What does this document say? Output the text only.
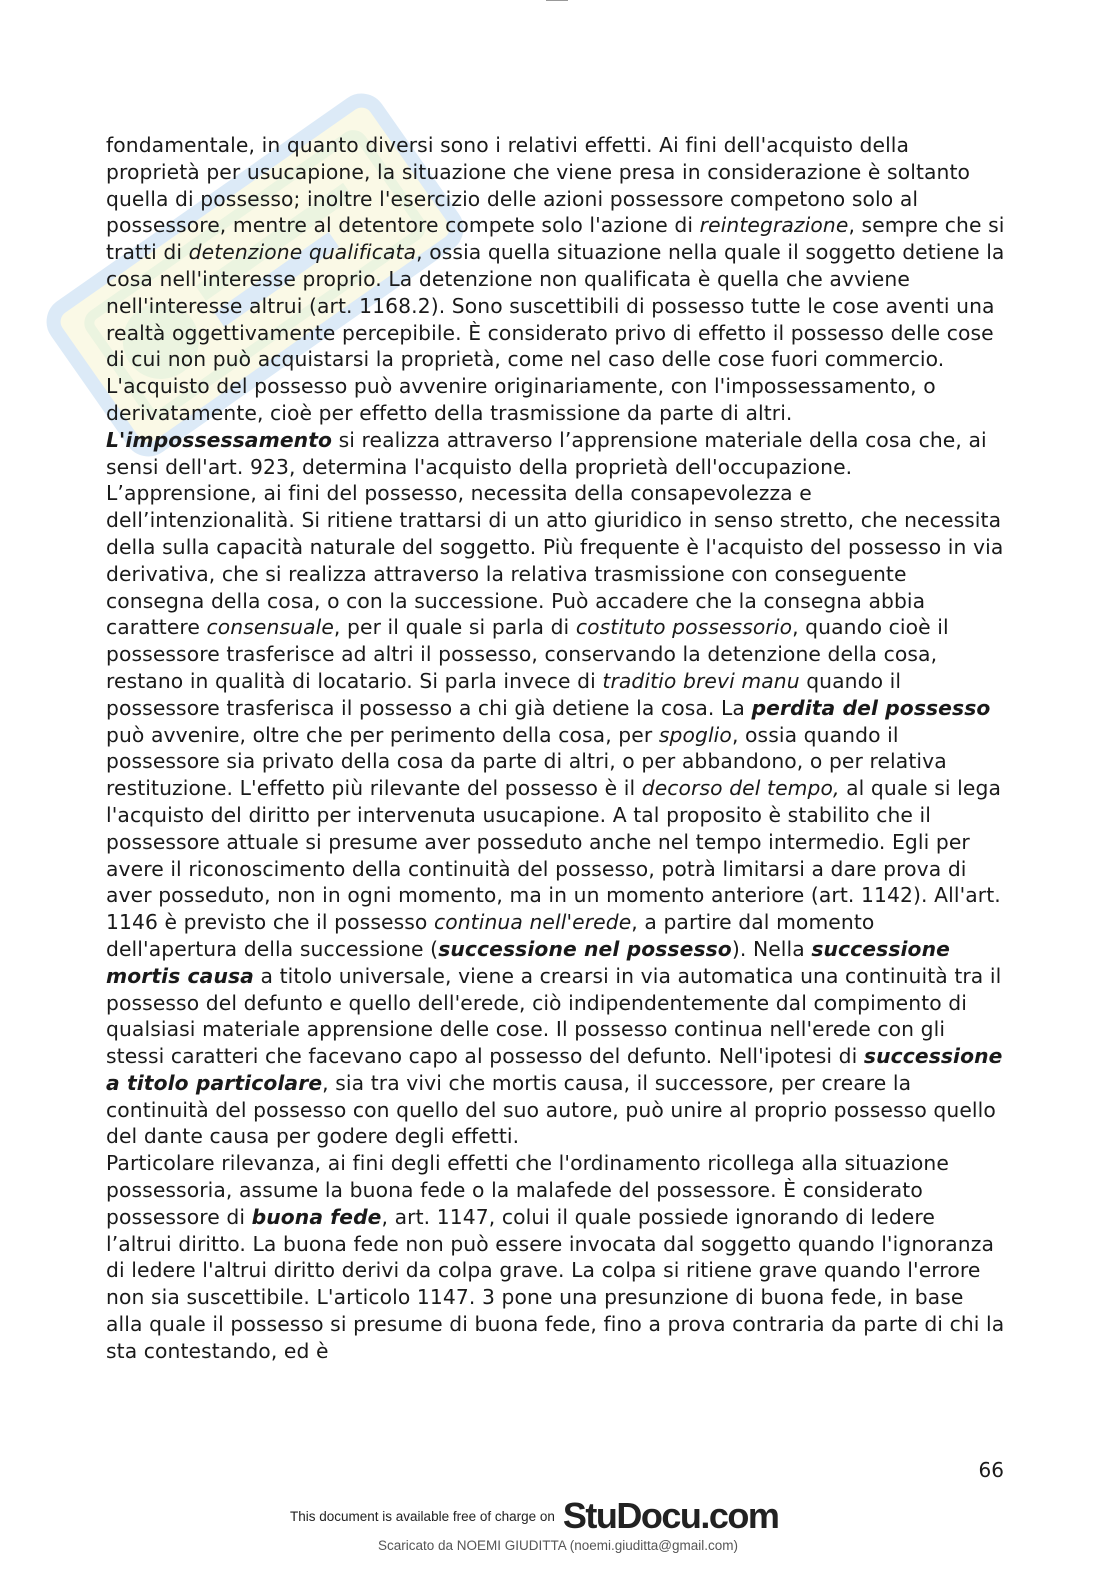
fondamentale, in quanto diversi sono i relativi effetti. Ai fini dell'acquisto della proprietà per usucapione, la situazione che viene presa in considerazione è soltanto quella di possesso; inoltre l'esercizio delle azioni possessore competono solo al possessore, mentre al detentore compete solo l'azione di reintegrazione, sempre che si tratti di detenzione qualificata, ossia quella situazione nella quale il soggetto detiene la cosa nell'interesse proprio. La detenzione non qualificata è quella che avviene nell'interesse altrui (art. 1168.2). Sono suscettibili di possesso tutte le cose aventi una realtà oggettivamente percepibile. È considerato privo di effetto il possesso delle cose di cui non può acquistarsi la proprietà, come nel caso delle cose fuori commercio. L'acquisto del possesso può avvenire originariamente, con l'impossessamento, o derivatamente, cioè per effetto della trasmissione da parte di altri. L'impossessamento si realizza attraverso l’apprensione materiale della cosa che, ai sensi dell'art. 923, determina l'acquisto della proprietà dell'occupazione. L’apprensione, ai fini del possesso, necessita della consapevolezza e dell’intenzionalità. Si ritiene trattarsi di un atto giuridico in senso stretto, che necessita della sulla capacità naturale del soggetto. Più frequente è l'acquisto del possesso in via derivativa, che si realizza attraverso la relativa trasmissione con conseguente consegna della cosa, o con la successione. Può accadere che la consegna abbia carattere consensuale, per il quale si parla di costituto possessorio, quando cioè il possessore trasferisce ad altri il possesso, conservando la detenzione della cosa, restano in qualità di locatario. Si parla invece di traditio brevi manu quando il possessore trasferisca il possesso a chi già detiene la cosa. La perdita del possesso può avvenire, oltre che per perimento della cosa, per spoglio, ossia quando il possessore sia privato della cosa da parte di altri, o per abbandono, o per relativa restituzione. L'effetto più rilevante del possesso è il decorso del tempo, al quale si lega l'acquisto del diritto per intervenuta usucapione. A tal proposito è stabilito che il possessore attuale si presume aver posseduto anche nel tempo intermedio. Egli per avere il riconoscimento della continuità del possesso, potrà limitarsi a dare prova di aver posseduto, non in ogni momento, ma in un momento anteriore (art. 1142). All'art. 1146 è previsto che il possesso continua nell'erede, a partire dal momento dell'apertura della successione (successione nel possesso). Nella successione mortis causa a titolo universale, viene a crearsi in via automatica una continuità tra il possesso del defunto e quello dell'erede, ciò indipendentemente dal compimento di qualsiasi materiale apprensione delle cose. Il possesso continua nell'erede con gli stessi caratteri che facevano capo al possesso del defunto. Nell'ipotesi di successione a titolo particolare, sia tra vivi che mortis causa, il successore, per creare la continuità del possesso con quello del suo autore, può unire al proprio possesso quello del dante causa per godere degli effetti.

Particolare rilevanza, ai fini degli effetti che l'ordinamento ricollega alla situazione possessoria, assume la buona fede o la malafede del possessore. È considerato possessore di buona fede, art. 1147, colui il quale possiede ignorando di ledere l’altrui diritto. La buona fede non può essere invocata dal soggetto quando l'ignoranza di ledere l'altrui diritto derivi da colpa grave. La colpa si ritiene grave quando l'errore non sia suscettibile. L'articolo 1147. 3 pone una presunzione di buona fede, in base alla quale il possesso si presume di buona fede, fino a prova contraria da parte di chi la sta contestando, ed è

66
This document is available free of charge on StuDocu.com
Scaricato da NOEMI GIUDITTA (noemi.giuditta@gmail.com)
